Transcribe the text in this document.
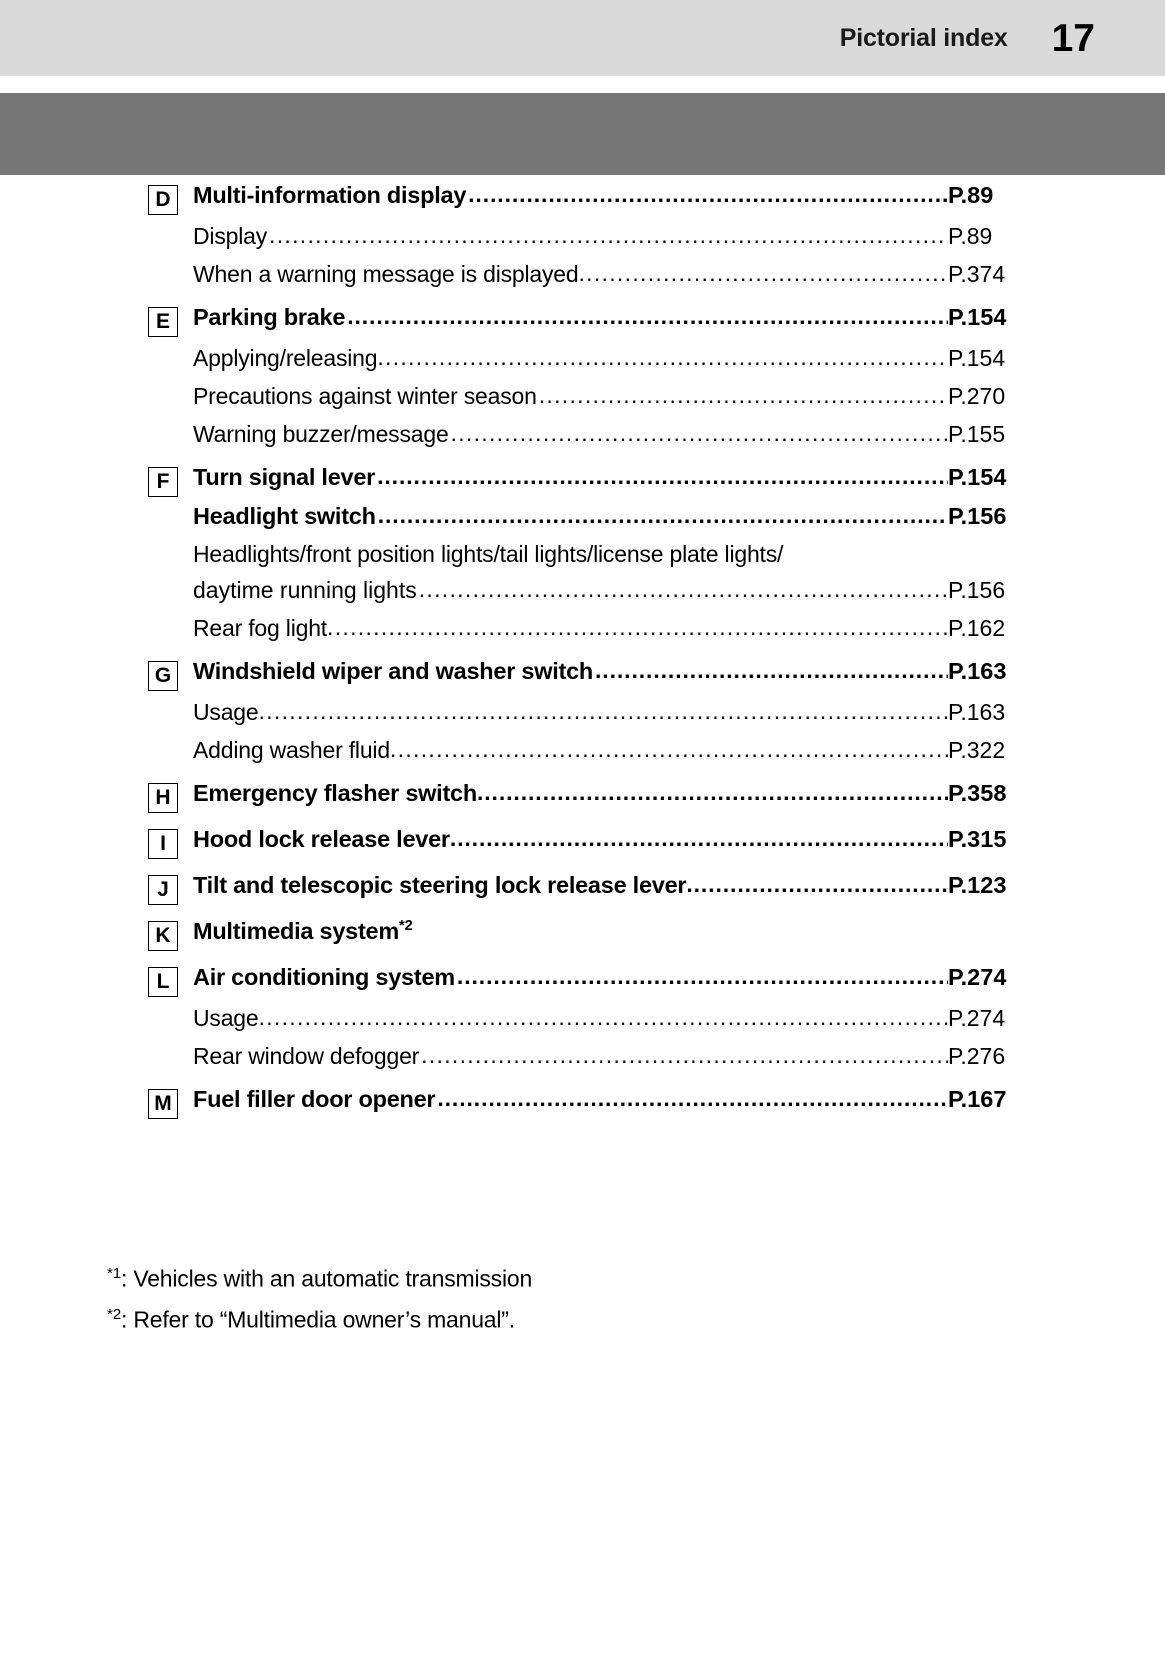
Pictorial index 17
D Multi-information display .....	P.89
Display .....	P.89
When a warning message is displayed .....	P.374
E Parking brake .....	P.154
Applying/releasing .....	P.154
Precautions against winter season .....	P.270
Warning buzzer/message .....	P.155
F	Turn signal lever .....	P.154
Headlight switch .....	P.156
Headlights/front position lights/tail lights/license plate lights/
daytime running lights .....	P.156
Rear fog light .....	P.162
G Windshield wiper and washer switch .....	P.163
Usage .....	P.163
Adding washer fluid .....	P.322
H Emergency flasher switch .....	P.358
I	Hood lock release lever .....	P.315
J	Tilt and telescopic steering lock release lever .....	P.123
K Multimedia system$^{*2}$
L	Air conditioning system .....	P.274
Usage .....	P.274
Rear window defogger .....	P.276
M Fuel filler door opener .....	P.167
$^{*1}$: Vehicles with an automatic transmission
$^{*2}$: Refer to “Multimedia owner’s manual”.
